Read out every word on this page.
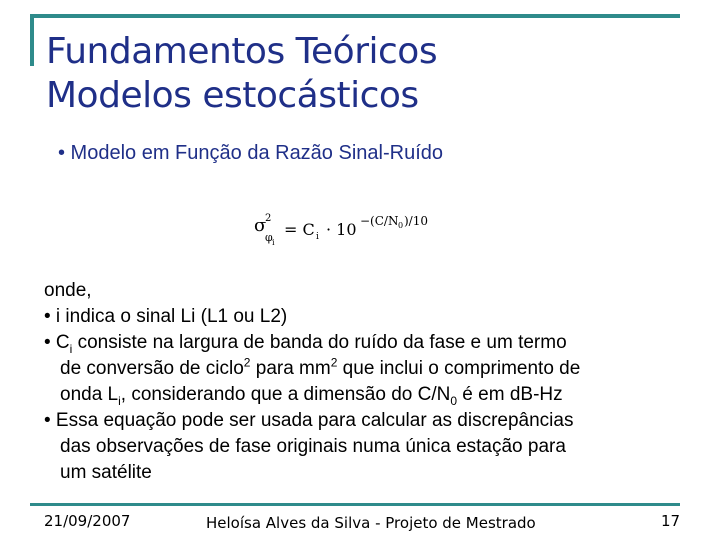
Fundamentos Teóricos
Modelos estocásticos
• Modelo em Função da Razão Sinal-Ruído
σ
2
φ i
= C i · 10 −(C/N 0 )/10
onde,
• i indica o sinal Li (L1 ou L2)
• $C_i$ consiste na largura de banda do ruído da fase e um termo
de conversão de ciclo$^2$ para $mm^2$ que inclui o comprimento de
onda $L_i$, considerando que a dimensão do $C/N_0$ é em dB-Hz
• Essa equação pode ser usada para calcular as discrepâncias
das observações de fase originais numa única estação para
um satélite
21/09/2007	Heloísa Alves da Silva - Projeto de Mestrado	17
